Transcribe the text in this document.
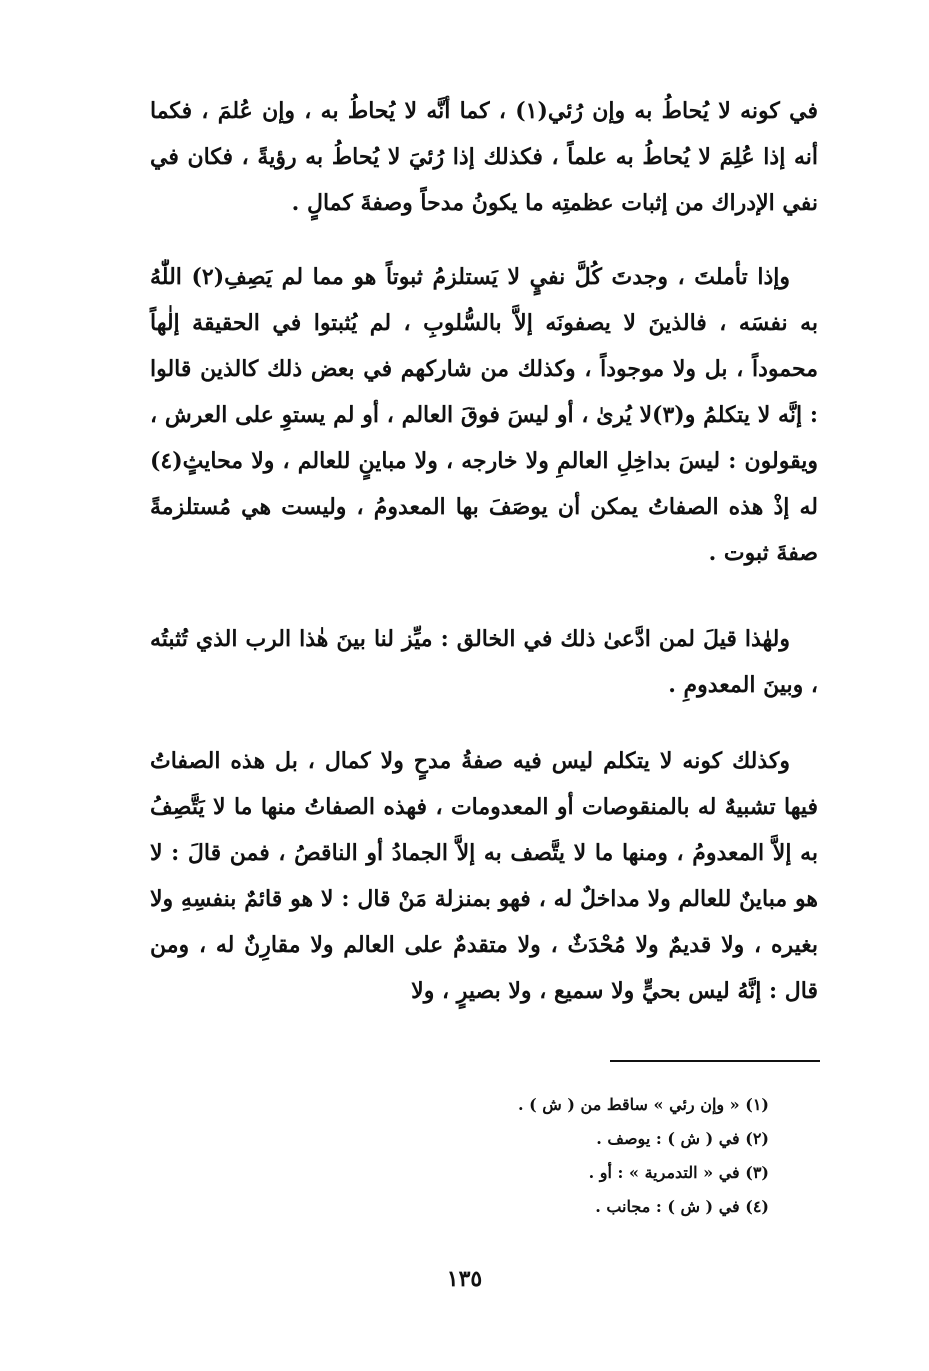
في كونه لا يُحاطُ به وإن رُئي(١) ، كما أنَّه لا يُحاطُ به ، وإن عُلمَ ، فكما أنه إذا عُلِمَ لا يُحاطُ به علماً ، فكذلك إذا رُئيَ لا يُحاطُ به رؤيةً ، فكان في نفي الإدراك من إثبات عظمتِه ما يكونُ مدحاً وصفةَ كمالٍ .

وإذا تأملتَ ، وجدتَ كُلَّ نفيٍ لا يَستلزمُ ثبوتاً هو مما لم يَصِفِ(٢) اللّٰهُ به نفسَه ، فالذينَ لا يصفونَه إلاَّ بالسُّلوبِ ، لم يُثبتوا في الحقيقة إلٰهاً محموداً ، بل ولا موجوداً ، وكذلك من شاركهم في بعض ذلك كالذين قالوا : إنَّه لا يتكلمُ و(٣)لا يُرىٰ ، أو ليسَ فوقَ العالم ، أو لم يستوِ على العرش ، ويقولون : ليسَ بداخِلِ العالمِ ولا خارجه ، ولا مباينٍ للعالم ، ولا محايثٍ(٤) له إذْ هذه الصفاتُ يمكن أن يوصَفَ بها المعدومُ ، وليست هي مُستلزمةً صفةَ ثبوت .

ولهٰذا قيلَ لمن ادَّعىٰ ذلك في الخالق : ميِّز لنا بينَ هٰذا الرب الذي تُثبتُه ، وبينَ المعدومِ .

وكذلك كونه لا يتكلم ليس فيه صفةُ مدحٍ ولا كمال ، بل هذه الصفاتُ فيها تشبيهٌ له بالمنقوصات أو المعدومات ، فهذه الصفاتُ منها ما لا يَتَّصِفُ به إلاَّ المعدومُ ، ومنها ما لا يتَّصف به إلاَّ الجمادُ أو الناقصُ ، فمن قالَ : لا هو مباينٌ للعالم ولا مداخلٌ له ، فهو بمنزلة مَنْ قال : لا هو قائمٌ بنفسِهِ ولا بغيره ، ولا قديمٌ ولا مُحْدَثٌ ، ولا متقدمٌ على العالم ولا مقارِنٌ له ، ومن قال : إنَّهُ ليس بحيٍّ ولا سميع ، ولا بصيرٍ ، ولا

(١) « وإن رئي » ساقط من ( ش ) .
(٢) في ( ش ) : يوصف .
(٣) في « التدمرية » : أو .
(٤) في ( ش ) : مجانب .
١٣٥
